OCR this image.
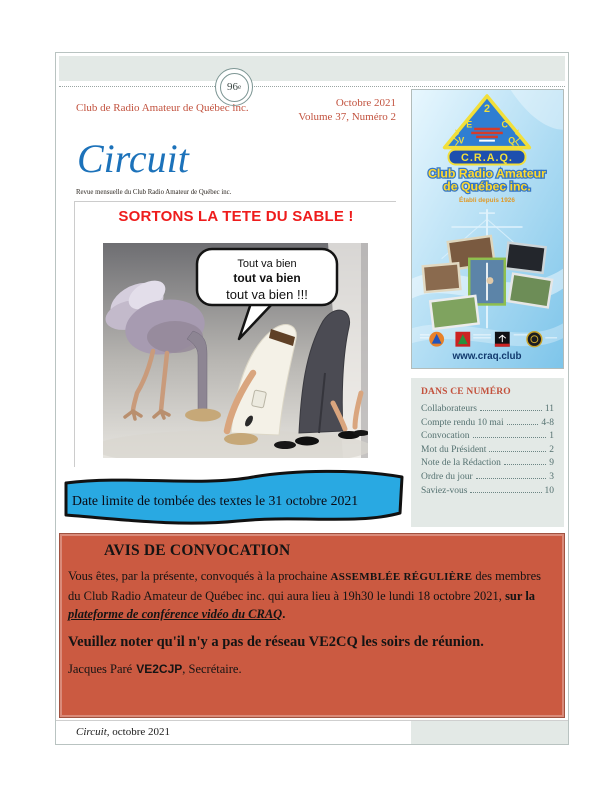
96 e
Club de Radio Amateur de Québec inc.	Octobre 2021
Volume 37, Numéro 2
Circuit
Revue mensuelle du Club Radio Amateur de Québec inc.
SORTONS LA TETE DU SABLE !
Tout va bien
tout va bien
tout va bien !!!
Date limite de tombée des textes le 31 octobre 2021
2
E	C
V	Q
C.R.A.Q.
Club Radio Amateur
de Québec inc.
Établi depuis 1926
www.craq.club
DANS CE NUMÉRO
Collaborateurs	11
Compte rendu 10 mai	4-8
Convocation	1
Mot du Président	2
Note de la Rédaction	9
Ordre du jour	3
Saviez-vous	10
AVIS DE CONVOCATION

Vous êtes, par la présente, convoqués à la prochaine ASSEMBLÉE RÉGULIÈRE des membres du Club Radio Amateur de Québec inc. qui aura lieu à 19h30 le lundi 18 octobre 2021, sur la plateforme de conférence vidéo du CRAQ.

Veuillez noter qu'il n'y a pas de réseau VE2CQ les soirs de réunion.

Jacques Paré VE2CJP, Secrétaire.

Circuit, octobre 2021
